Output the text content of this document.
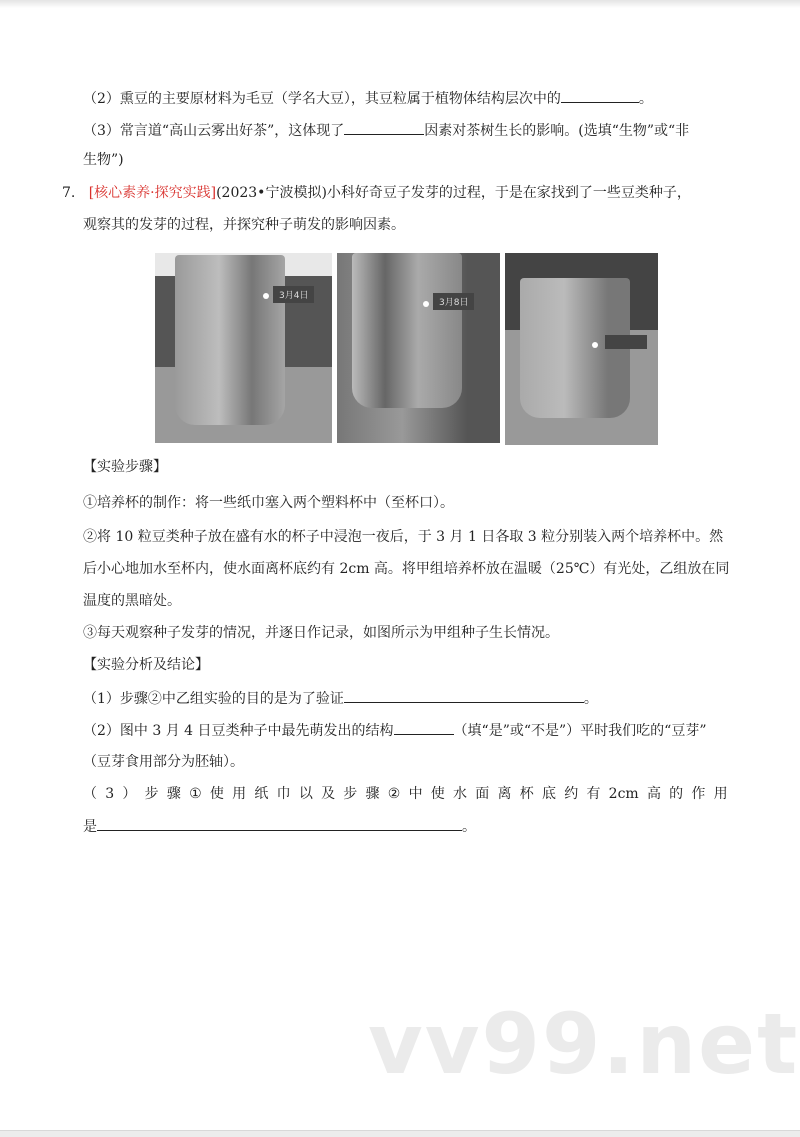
（2）熏豆的主要原材料为毛豆（学名大豆），其豆粒属于植物体结构层次中的	。
（3）常言道“高山云雾出好茶”，这体现了	因素对茶树生长的影响。(选填“生物”或“非
生物”)
7. [核心素养·探究实践](2023•宁波模拟)小科好奇豆子发芽的过程，于是在家找到了一些豆类种子，
观察其的发芽的过程，并探究种子萌发的影响因素。
3月4日
3月8日
【实验步骤】
①培养杯的制作：将一些纸巾塞入两个塑料杯中（至杯口）。
②将 10 粒豆类种子放在盛有水的杯子中浸泡一夜后，于 3 月 1 日各取 3 粒分别装入两个培养杯中。然
后小心地加水至杯内，使水面离杯底约有 2cm 高。将甲组培养杯放在温暖（25℃）有光处，乙组放在同
温度的黑暗处。
③每天观察种子发芽的情况，并逐日作记录，如图所示为甲组种子生长情况。
【实验分析及结论】
（1）步骤②中乙组实验的目的是为了验证	。
（2）图中 3 月 4 日豆类种子中最先萌发出的结构	（填“是”或“不是”）平时我们吃的“豆芽”
（豆芽食用部分为胚轴）。
（ 3 ） 步 骤 ① 使 用 纸 巾 以 及 步 骤 ② 中 使 水 面 离 杯 底 约 有 2cm 高 的 作 用
是	。
vv99.net
